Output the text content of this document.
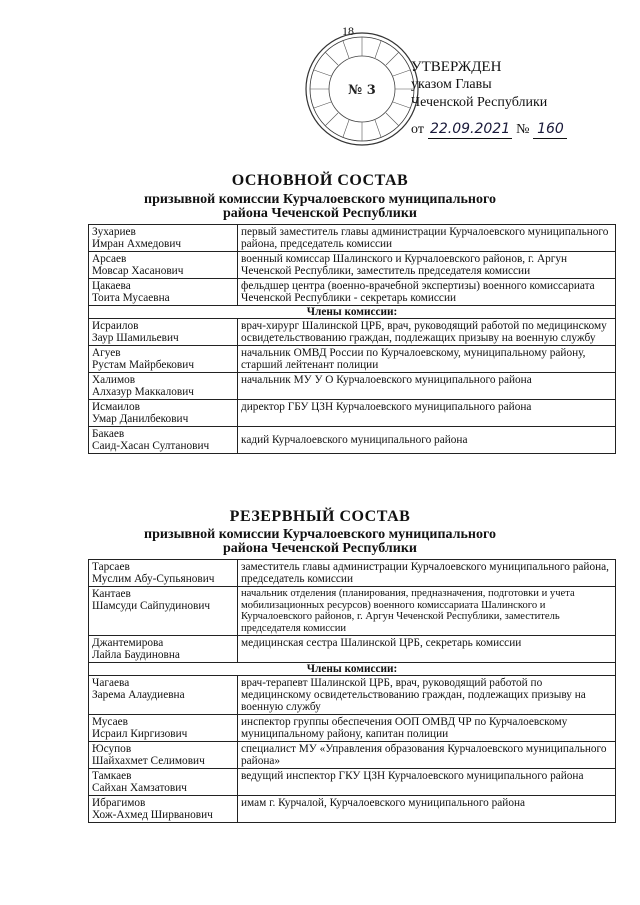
18
№ 3
УТВЕРЖДЕН
указом Главы
Чеченской Республики
от 22.09.2021 № 160
ОСНОВНОЙ СОСТАВ
призывной комиссии Курчалоевского муниципального
района Чеченской Республики
Зухариев
Имран Ахмедович	первый заместитель главы администрации Курчалоевского муниципального района, председатель комиссии

Арсаев
Мовсар Хасанович	военный комиссар Шалинского и Курчалоевского районов, г. Аргун Чеченской Республики, заместитель председателя комиссии

Цакаева
Тоита Мусаевна	фельдшер центра (военно-врачебной экспертизы) военного комиссариата Чеченской Республики - секретарь комиссии
Члены комиссии:	

Исраилов
Заур Шамильевич	врач-хирург Шалинской ЦРБ, врач, руководящий работой по медицинскому освидетельствованию граждан, подлежащих призыву на военную службу

Агуев
Рустам Майрбекович	начальник ОМВД России по Курчалоевскому, муниципальному району, старший лейтенант полиции

Халимов
Алхазур Маккалович	начальник МУ У О Курчалоевского муниципального района

Исмаилов
Умар Данилбекович	директор ГБУ ЦЗН Курчалоевского муниципального района

Бакаев
Саид-Хасан Султанович	кадий Курчалоевского муниципального района
РЕЗЕРВНЫЙ СОСТАВ
призывной комиссии Курчалоевского муниципального
района Чеченской Республики
Тарсаев
Муслим Абу-Супьянович	заместитель главы администрации Курчалоевского муниципального района, председатель комиссии

Кантаев
Шамсуди Сайпудинович	начальник отделения (планирования, предназначения, подготовки и учета мобилизационных ресурсов) военного комиссариата Шалинского и Курчалоевского районов, г. Аргун Чеченской Республики, заместитель председателя комиссии

Джантемирова
Лайла Баудиновна	медицинская сестра Шалинской ЦРБ, секретарь комиссии
Члены комиссии:	

Чагаева
Зарема Алаудиевна	врач-терапевт Шалинской ЦРБ, врач, руководящий работой по медицинскому освидетельствованию граждан, подлежащих призыву на военную службу

Мусаев
Исраил Киргизович	инспектор группы обеспечения ООП ОМВД ЧР по Курчалоевскому муниципальному району, капитан полиции

Юсупов
Шайхахмет Селимович	специалист МУ «Управления образования Курчалоевского муниципального района»

Тамкаев
Сайхан Хамзатович	ведущий инспектор ГКУ ЦЗН Курчалоевского муниципального района

Ибрагимов
Хож-Ахмед Ширванович	имам г. Курчалой, Курчалоевского муниципального района
